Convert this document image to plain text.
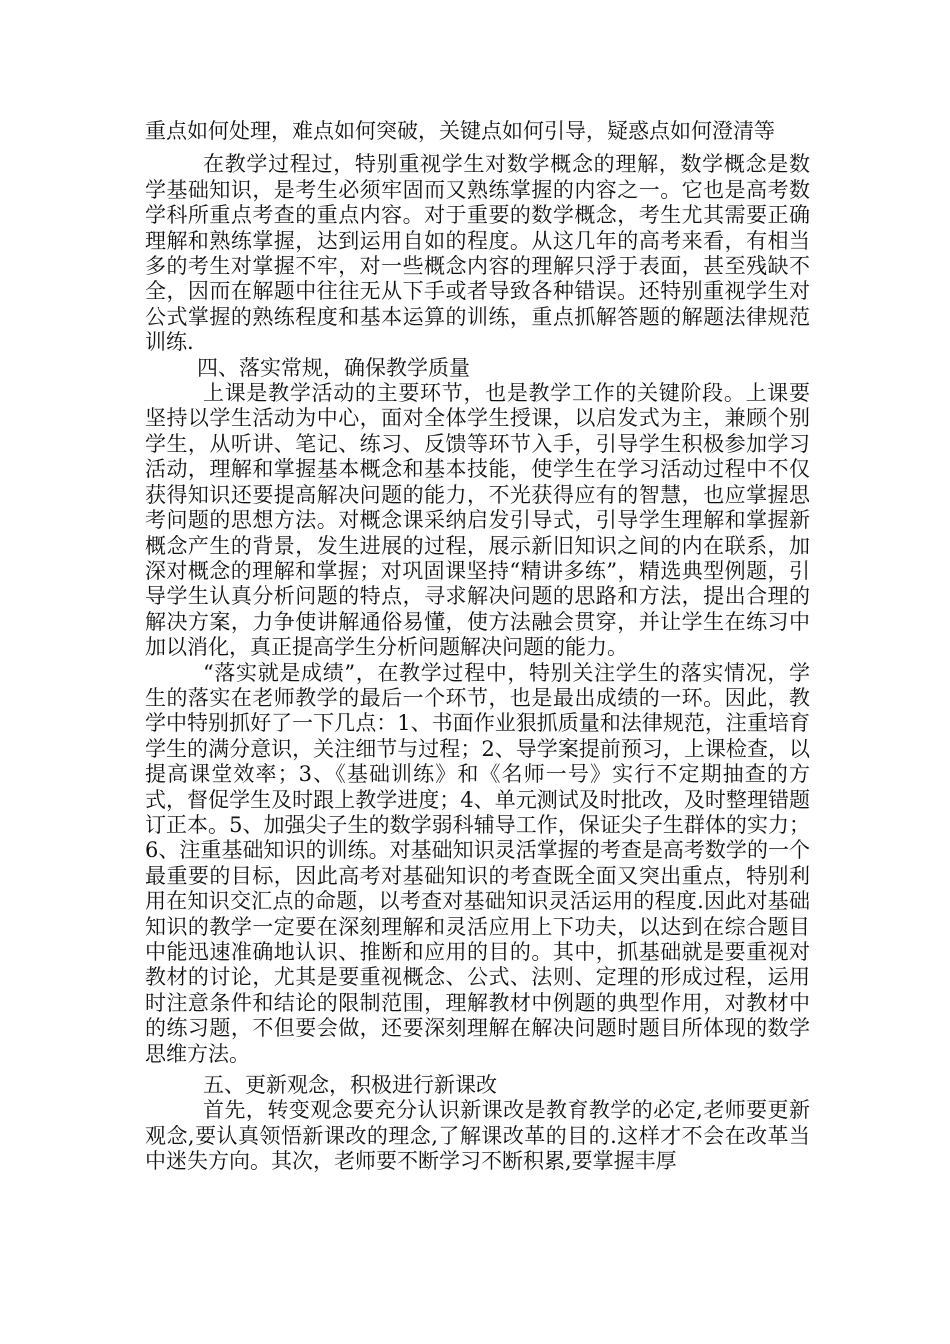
重点如何处理，难点如何突破，关键点如何引导，疑惑点如何澄清等

在教学过程过，特别重视学生对数学概念的理解，数学概念是数学基础知识，是考生必须牢固而又熟练掌握的内容之一。它也是高考数学科所重点考查的重点内容。对于重要的数学概念，考生尤其需要正确理解和熟练掌握，达到运用自如的程度。从这几年的高考来看，有相当多的考生对掌握不牢，对一些概念内容的理解只浮于表面，甚至残缺不全，因而在解题中往往无从下手或者导致各种错误。还特别重视学生对公式掌握的熟练程度和基本运算的训练，重点抓解答题的解题法律规范训练.

四、落实常规，确保教学质量

上课是教学活动的主要环节，也是教学工作的关键阶段。上课要坚持以学生活动为中心，面对全体学生授课，以启发式为主，兼顾个别学生，从听讲、笔记、练习、反馈等环节入手，引导学生积极参加学习活动，理解和掌握基本概念和基本技能，使学生在学习活动过程中不仅获得知识还要提高解决问题的能力，不光获得应有的智慧，也应掌握思考问题的思想方法。对概念课采纳启发引导式，引导学生理解和掌握新概念产生的背景，发生进展的过程，展示新旧知识之间的内在联系，加深对概念的理解和掌握；对巩固课坚持“精讲多练”，精选典型例题，引导学生认真分析问题的特点，寻求解决问题的思路和方法，提出合理的解决方案，力争使讲解通俗易懂，使方法融会贯穿，并让学生在练习中加以消化，真正提高学生分析问题解决问题的能力。

“落实就是成绩”，在教学过程中，特别关注学生的落实情况，学生的落实在老师教学的最后一个环节，也是最出成绩的一环。因此，教学中特别抓好了一下几点：1、书面作业狠抓质量和法律规范，注重培育学生的满分意识，关注细节与过程；2、导学案提前预习，上课检查，以提高课堂效率；3、《基础训练》和《名师一号》实行不定期抽查的方式，督促学生及时跟上教学进度；4、单元测试及时批改，及时整理错题订正本。5、加强尖子生的数学弱科辅导工作，保证尖子生群体的实力；6、注重基础知识的训练。对基础知识灵活掌握的考查是高考数学的一个最重要的目标，因此高考对基础知识的考查既全面又突出重点，特别利用在知识交汇点的命题，以考查对基础知识灵活运用的程度.因此对基础知识的教学一定要在深刻理解和灵活应用上下功夫，以达到在综合题目中能迅速准确地认识、推断和应用的目的。其中，抓基础就是要重视对教材的讨论，尤其是要重视概念、公式、法则、定理的形成过程，运用时注意条件和结论的限制范围，理解教材中例题的典型作用，对教材中的练习题，不但要会做，还要深刻理解在解决问题时题目所体现的数学思维方法。

五、更新观念，积极进行新课改

首先，转变观念要充分认识新课改是教育教学的必定,老师要更新观念,要认真领悟新课改的理念,了解课改革的目的.这样才不会在改革当中迷失方向。其次，老师要不断学习不断积累,要掌握丰厚
